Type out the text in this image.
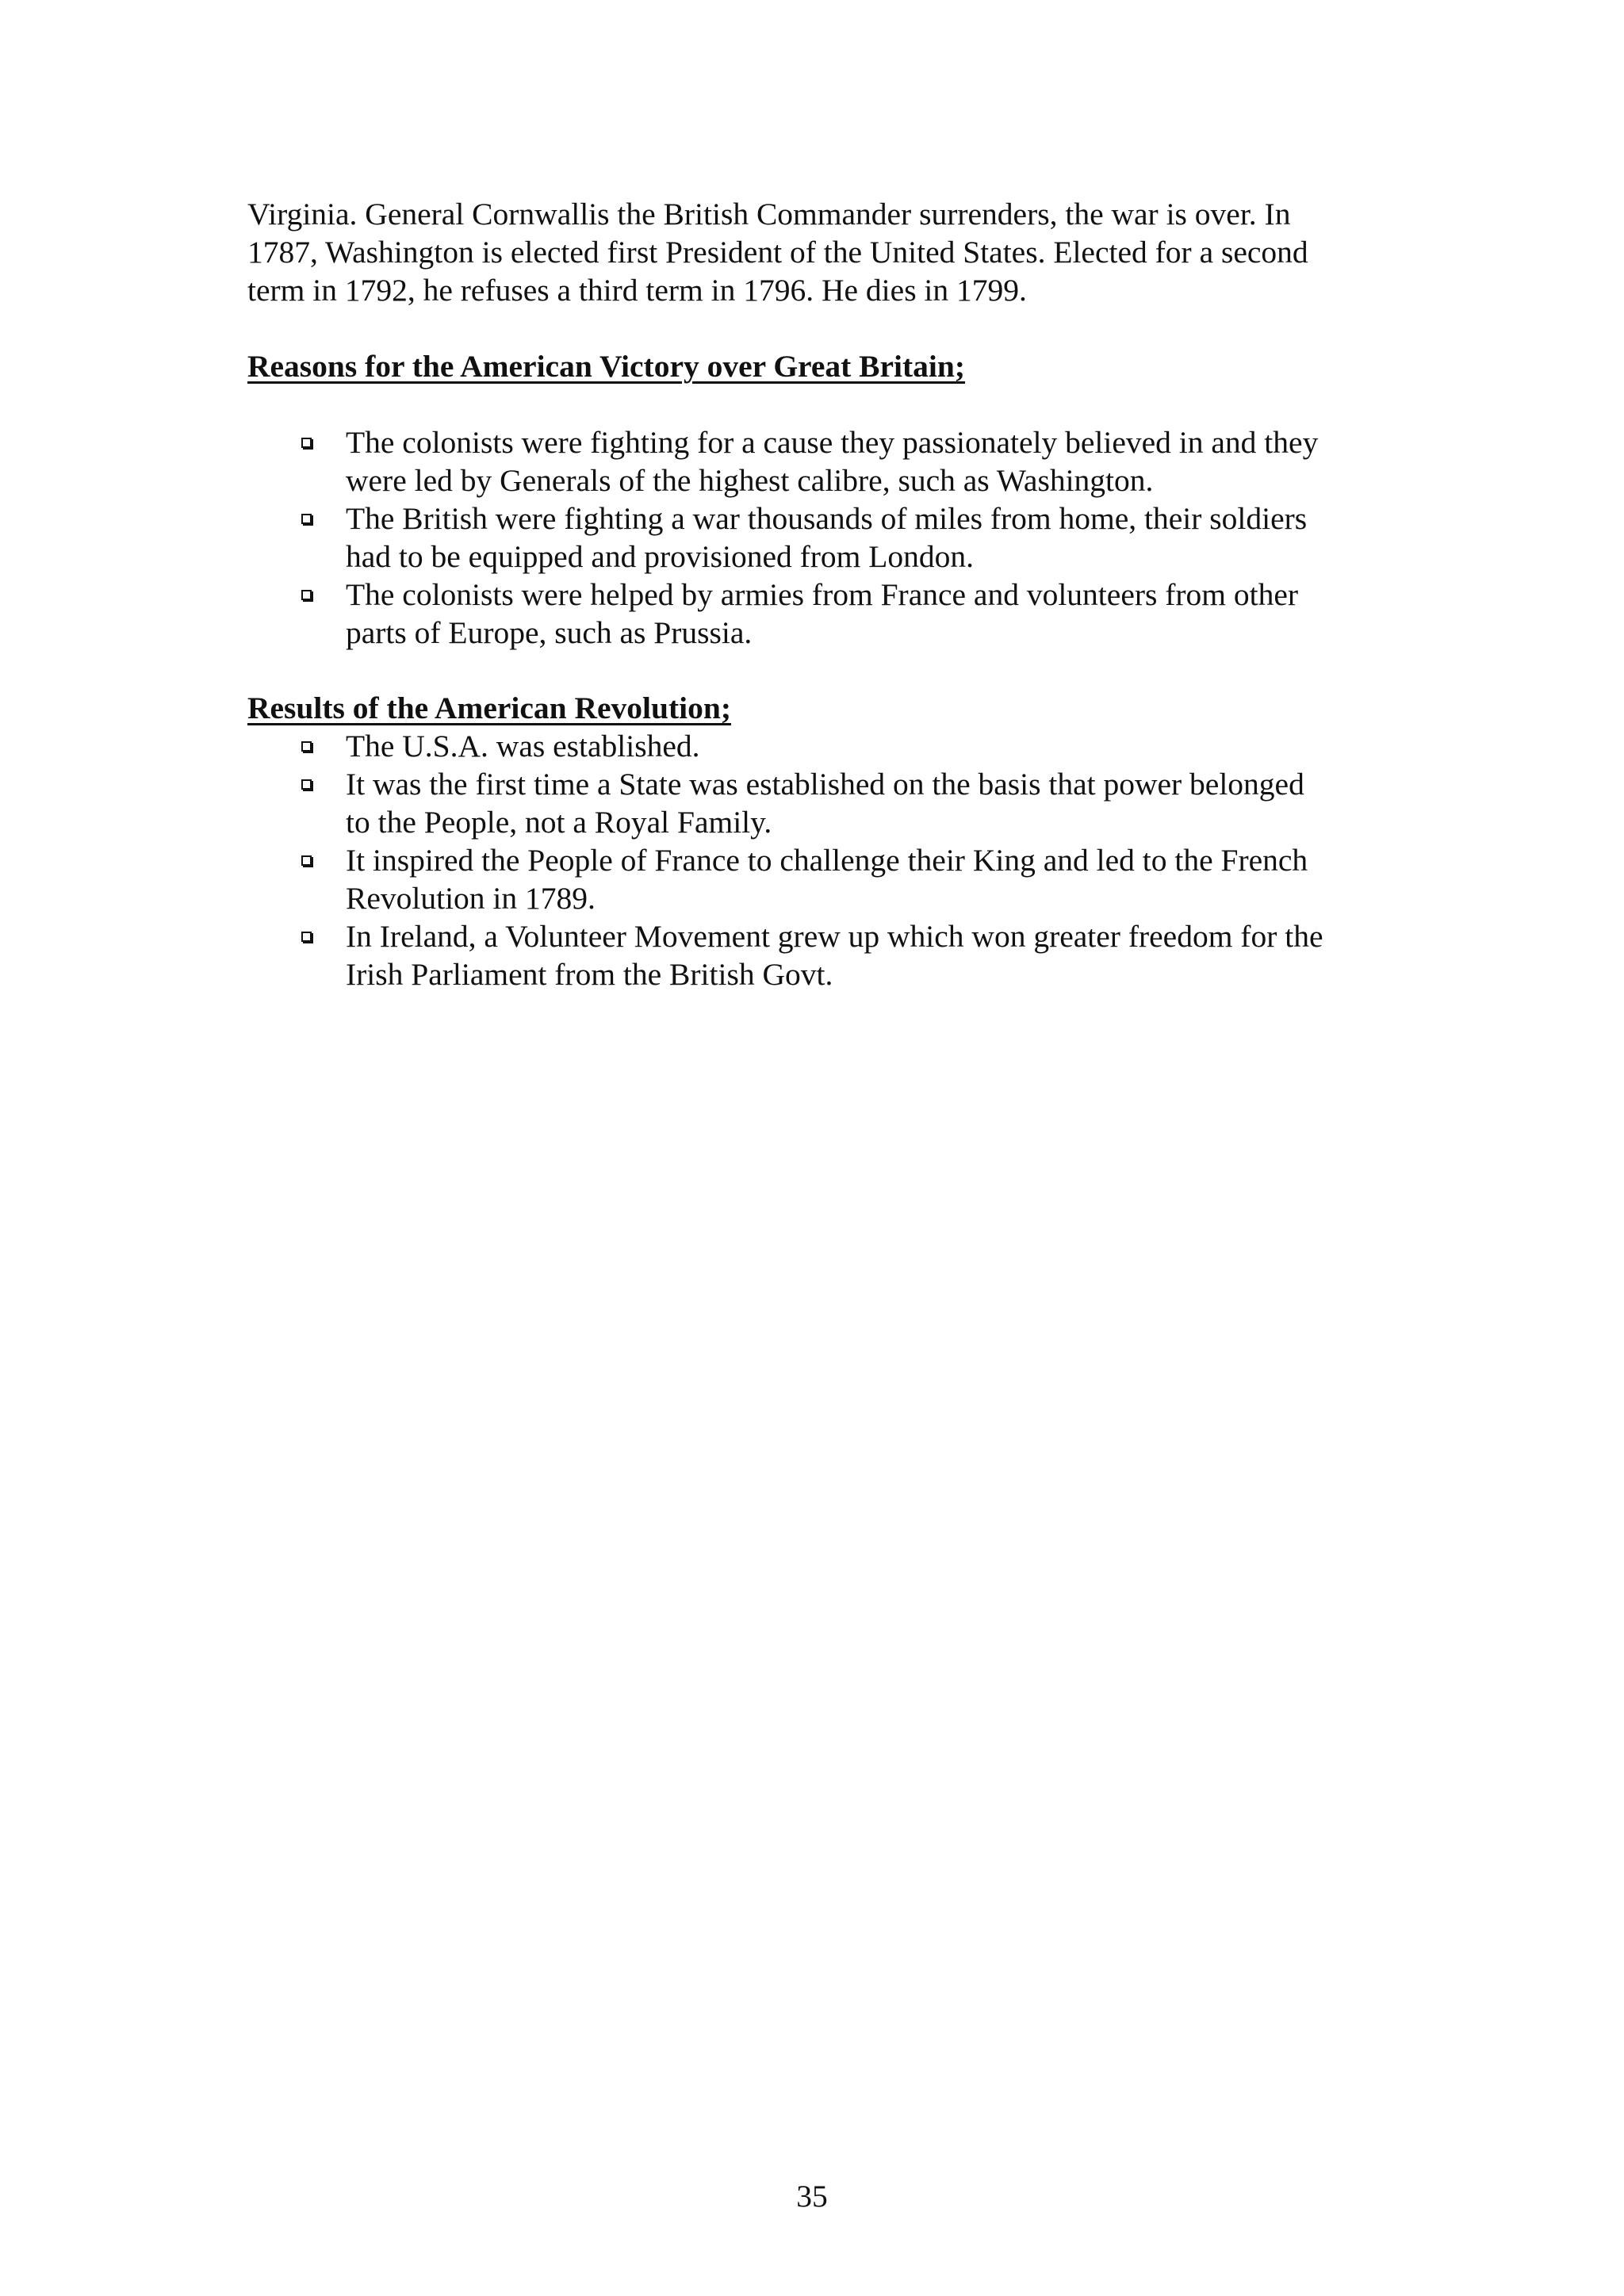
Virginia. General Cornwallis the British Commander surrenders, the war is over. In
1787, Washington is elected first President of the United States. Elected for a second
term in 1792, he refuses a third term in 1796. He dies in 1799.

Reasons for the American Victory over Great Britain;
The colonists were fighting for a cause they passionately believed in and they
were led by Generals of the highest calibre, such as Washington.
The British were fighting a war thousands of miles from home, their soldiers
had to be equipped and provisioned from London.
The colonists were helped by armies from France and volunteers from other
parts of Europe, such as Prussia.
Results of the American Revolution;
The U.S.A. was established.
It was the first time a State was established on the basis that power belonged
to the People, not a Royal Family.
It inspired the People of France to challenge their King and led to the French
Revolution in 1789.
In Ireland, a Volunteer Movement grew up which won greater freedom for the
Irish Parliament from the British Govt.

35
